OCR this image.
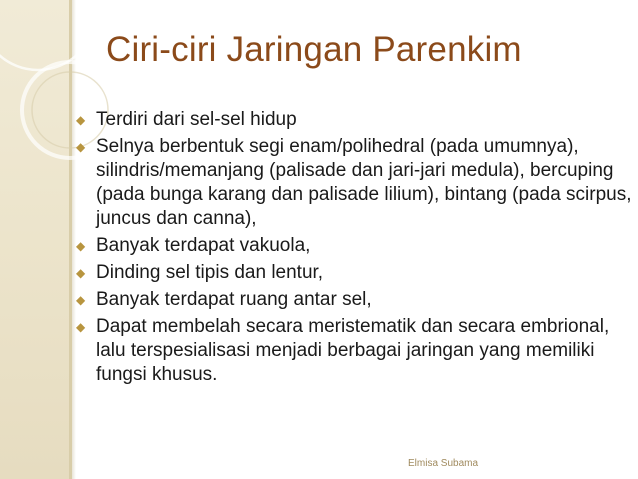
Ciri-ciri Jaringan Parenkim
◆ Terdiri dari sel-sel hidup
◆ Selnya berbentuk segi enam/polihedral (pada umumnya), silindris/memanjang (palisade dan jari-jari medula), bercuping (pada bunga karang dan palisade lilium), bintang (pada scirpus, juncus dan canna),
◆ Banyak terdapat vakuola,
◆ Dinding sel tipis dan lentur,
◆ Banyak terdapat ruang antar sel,
◆ Dapat membelah secara meristematik dan secara embrional, lalu terspesialisasi menjadi berbagai jaringan yang memiliki fungsi khusus.
Elmisa Subama
